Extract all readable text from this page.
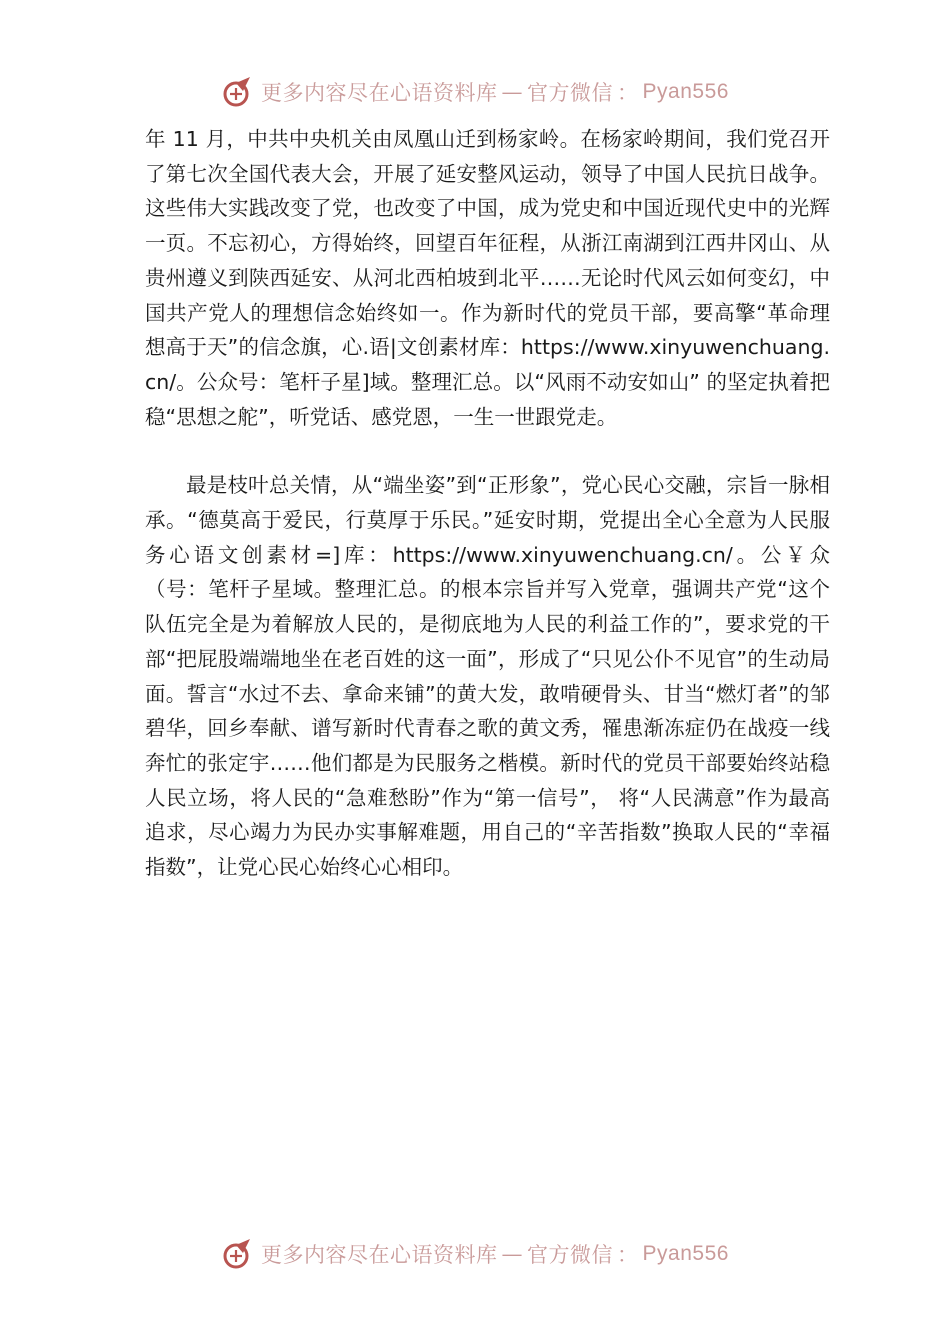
更多内容尽在心语资料库 — 官方微信 ： Pyan556

年 11 月，中共中央机关由凤凰山迁到杨家岭。在杨家岭期间，我们党召开了第七次全国代表大会，开展了延安整风运动，领导了中国人民抗日战争。这些伟大实践改变了党，也改变了中国，成为党史和中国近现代史中的光辉一页。不忘初心，方得始终，回望百年征程，从浙江南湖到江西井冈山、从贵州遵义到陕西延安、从河北西柏坡到北平……无论时代风云如何变幻，中国共产党人的理想信念始终如一。作为新时代的党员干部，要高擎“革命理想高于天”的信念旗，心.语|文创素材库：https://www.xinyuwenchuang.cn/。公众号：笔杆子星]域。整理汇总。以“风雨不动安如山” 的坚定执着把稳“思想之舵”，听党话、感党恩，一生一世跟党走。

最是枝叶总关情，从“端坐姿”到“正形象”，党心民心交融，宗旨一脉相承。“德莫高于爱民，行莫厚于乐民。”延安时期，党提出全心全意为人民服务心语文创素材=]库：https://www.xinyuwenchuang.cn/。公￥众（号：笔杆子星域。整理汇总。的根本宗旨并写入党章，强调共产党“这个队伍完全是为着解放人民的，是彻底地为人民的利益工作的”，要求党的干部“把屁股端端地坐在老百姓的这一面”，形成了“只见公仆不见官”的生动局面。誓言“水过不去、拿命来铺”的黄大发，敢啃硬骨头、甘当“燃灯者”的邹碧华，回乡奉献、谱写新时代青春之歌的黄文秀，罹患渐冻症仍在战疫一线奔忙的张定宇……他们都是为民服务之楷模。新时代的党员干部要始终站稳人民立场，将人民的“急难愁盼”作为“第一信号”， 将“人民满意”作为最高追求，尽心竭力为民办实事解难题，用自己的“辛苦指数”换取人民的“幸福指数”，让党心民心始终心心相印。

更多内容尽在心语资料库 — 官方微信 ： Pyan556
